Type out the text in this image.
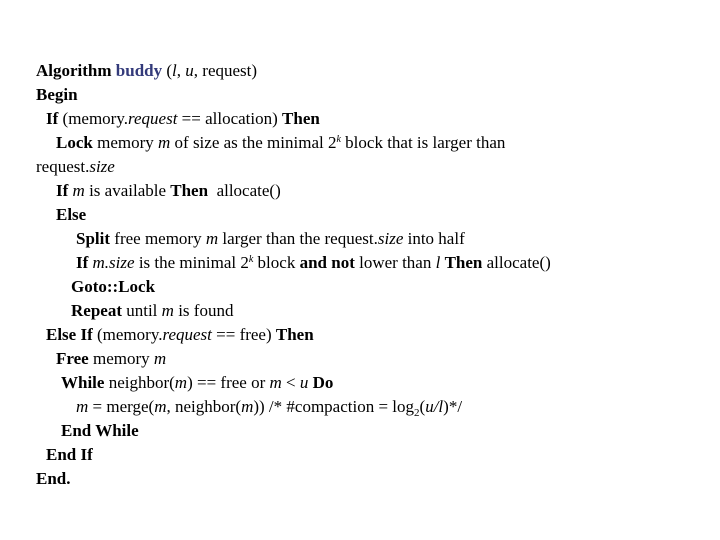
Algorithm buddy (l, u, request)
Begin
If (memory.request == allocation) Then
Lock memory m of size as the minimal 2$^k$ block that is larger than
request.size
If m is available Then  allocate()
Else
Split free memory m larger than the request.size into half
If m.size is the minimal 2$^k$ block and not lower than l Then allocate()
Goto::Lock
Repeat until m is found
Else If (memory.request == free) Then
Free memory m
While neighbor(m) == free or m < u Do
m = merge(m, neighbor(m)) /* #compaction = $\log_2(u/l)*/$
End While
End If
End.
